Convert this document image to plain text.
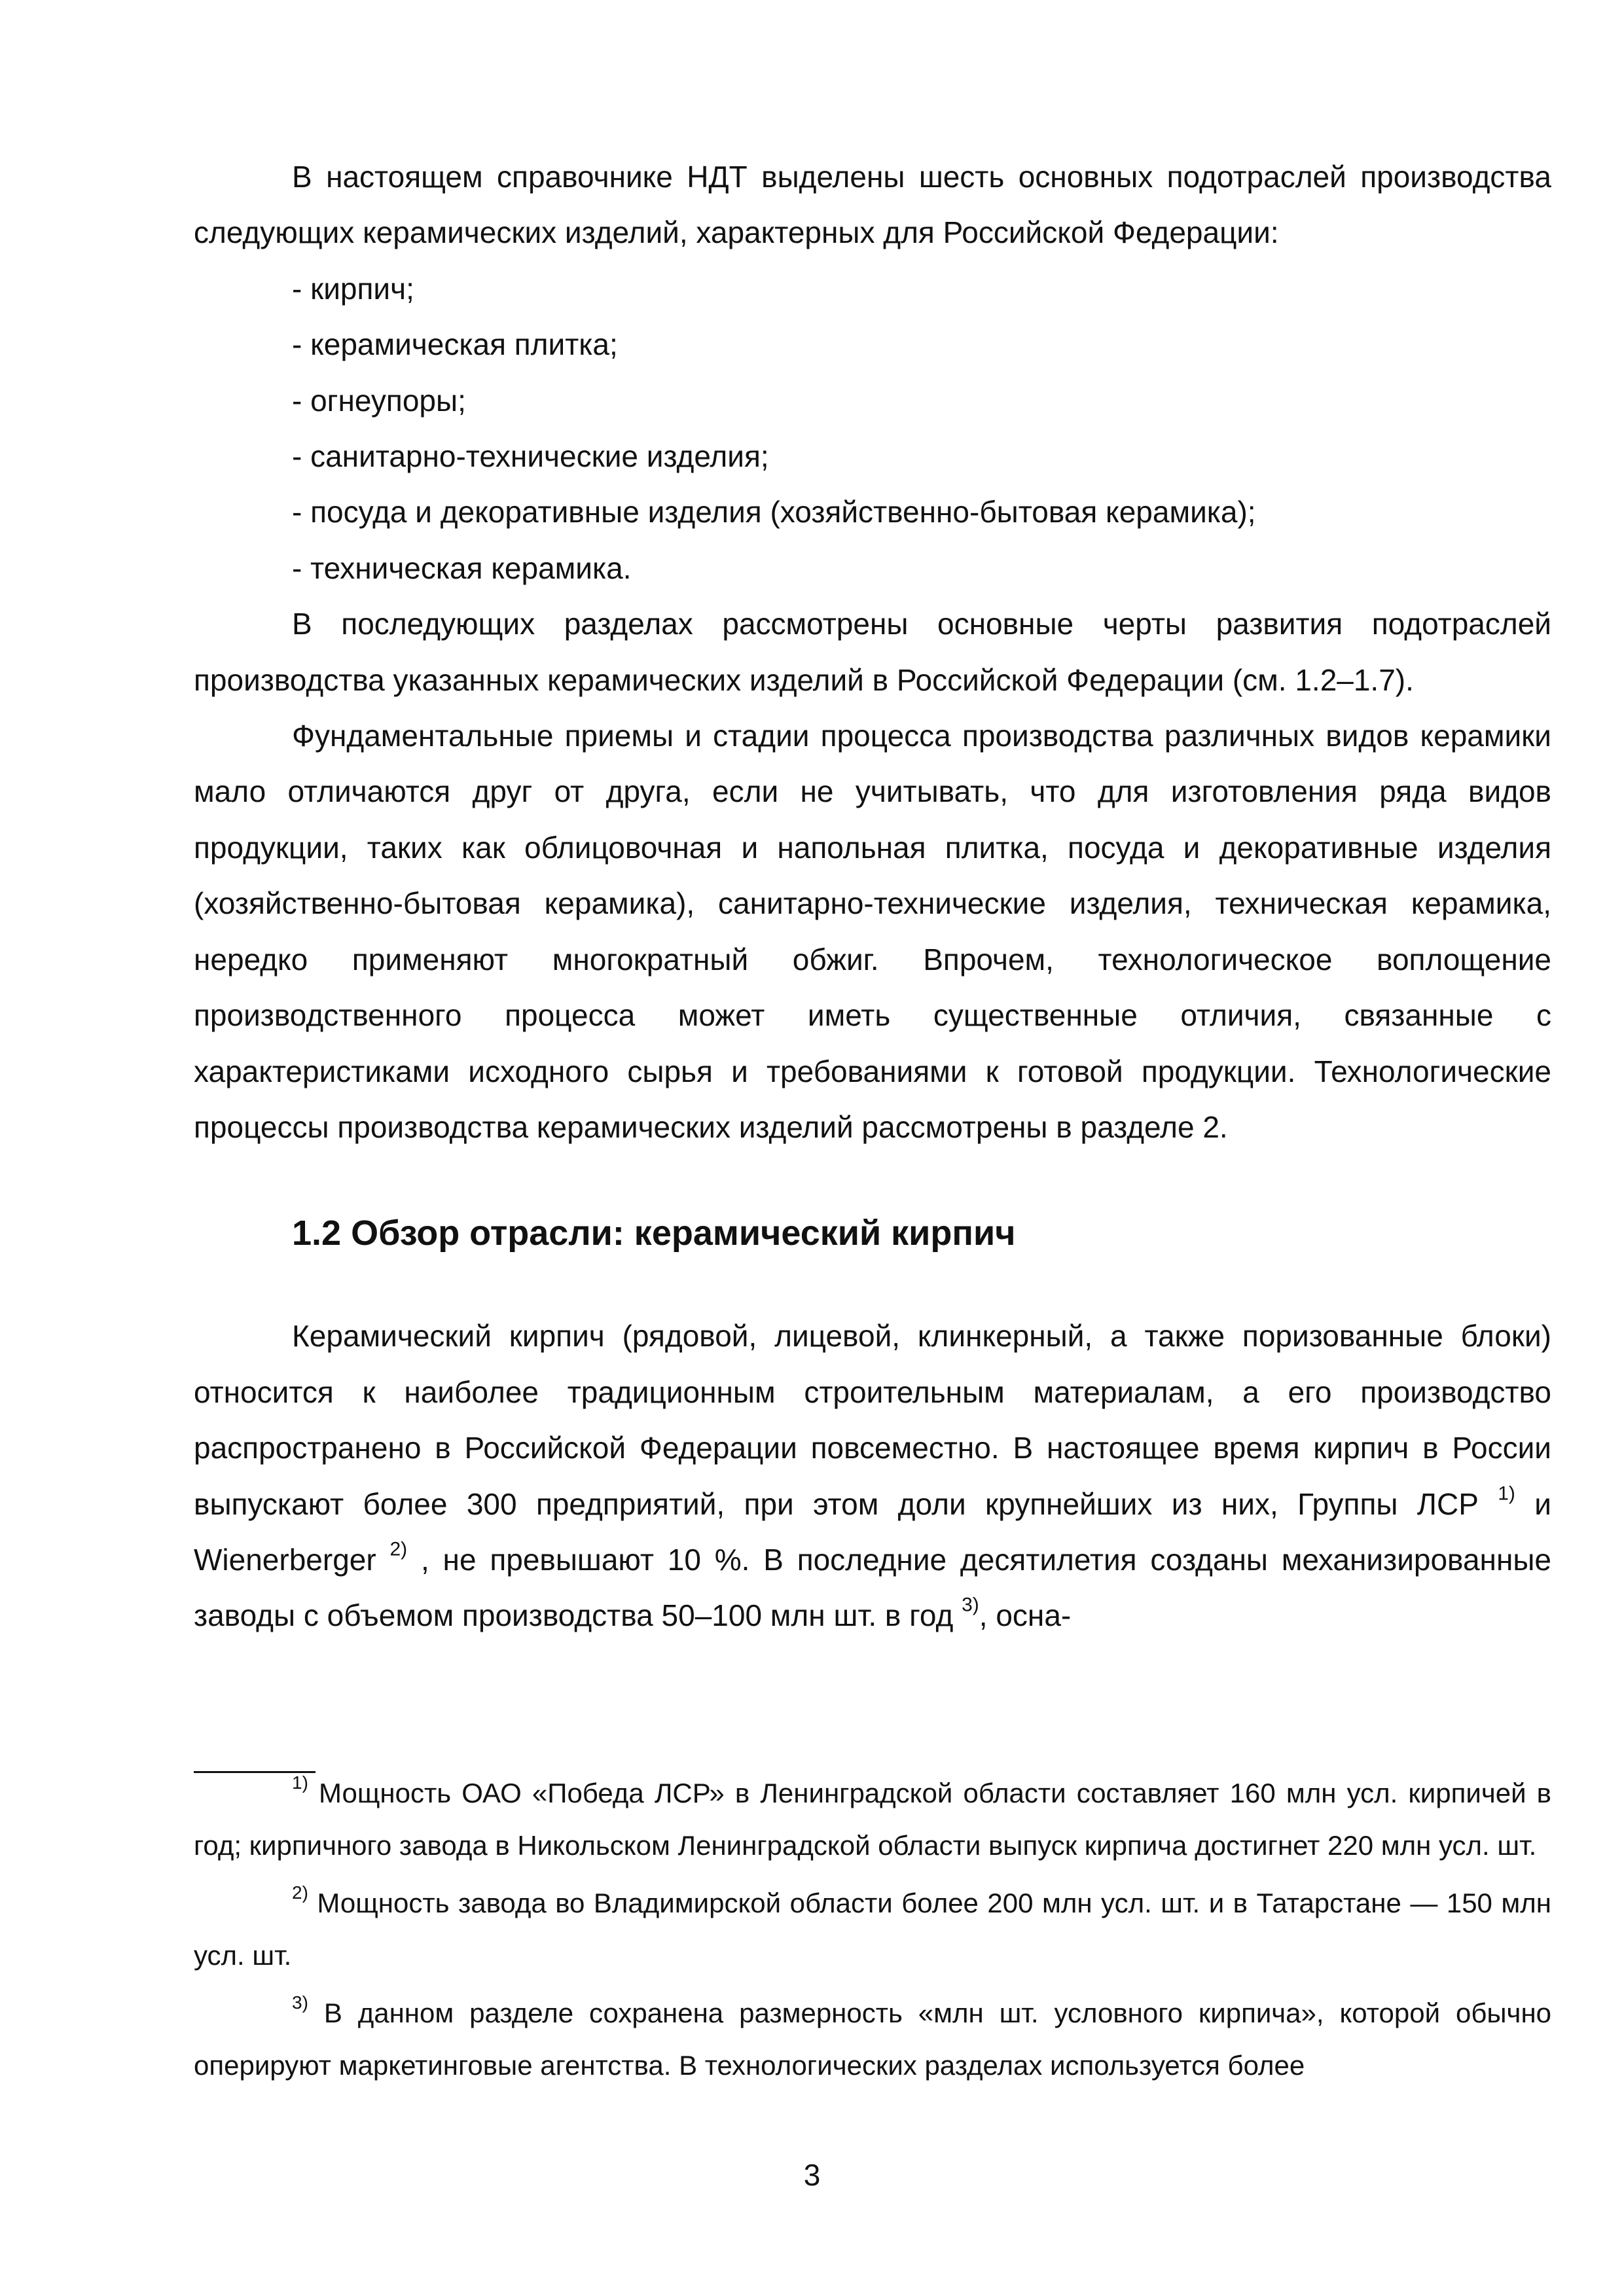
В настоящем справочнике НДТ выделены шесть основных подотраслей производства следующих керамических изделий, характерных для Российской Федерации:

- кирпич;

- керамическая плитка;

- огнеупоры;

- санитарно-технические изделия;

- посуда и декоративные изделия (хозяйственно-бытовая керамика);

- техническая керамика.

В последующих разделах рассмотрены основные черты развития подотраслей производства указанных керамических изделий в Российской Федерации (см. 1.2–1.7).

Фундаментальные приемы и стадии процесса производства различных видов керамики мало отличаются друг от друга, если не учитывать, что для изготовления ряда видов продукции, таких как облицовочная и напольная плитка, посуда и декоративные изделия (хозяйственно-бытовая керамика), санитарно-технические изделия, техническая керамика, нередко применяют многократный обжиг. Впрочем, технологическое воплощение производственного процесса может иметь существенные отличия, связанные с характеристиками исходного сырья и требованиями к готовой продукции. Технологические процессы производства керамических изделий рассмотрены в разделе 2.

1.2 Обзор отрасли: керамический кирпич

Керамический кирпич (рядовой, лицевой, клинкерный, а также поризованные блоки) относится к наиболее традиционным строительным материалам, а его производство распространено в Российской Федерации повсеместно. В настоящее время кирпич в России выпускают более 300 предприятий, при этом доли крупнейших из них, Группы ЛСР $^{1)}$ и Wienerberger $^{2)}$ , не превышают 10 %. В последние десятилетия созданы механизированные заводы с объемом производства 50–100 млн шт. в год $^{3)}$, осна-

$^{1)}$ Мощность ОАО «Победа ЛСР» в Ленинградской области составляет 160 млн усл. кирпичей в год; кирпичного завода в Никольском Ленинградской области выпуск кирпича достигнет 220 млн усл. шт.

$^{2)}$ Мощность завода во Владимирской области более 200 млн усл. шт. и в Татарстане — 150 млн усл. шт.

$^{3)}$ В данном разделе сохранена размерность «млн шт. условного кирпича», которой обычно оперируют маркетинговые агентства. В технологических разделах используется более

3
